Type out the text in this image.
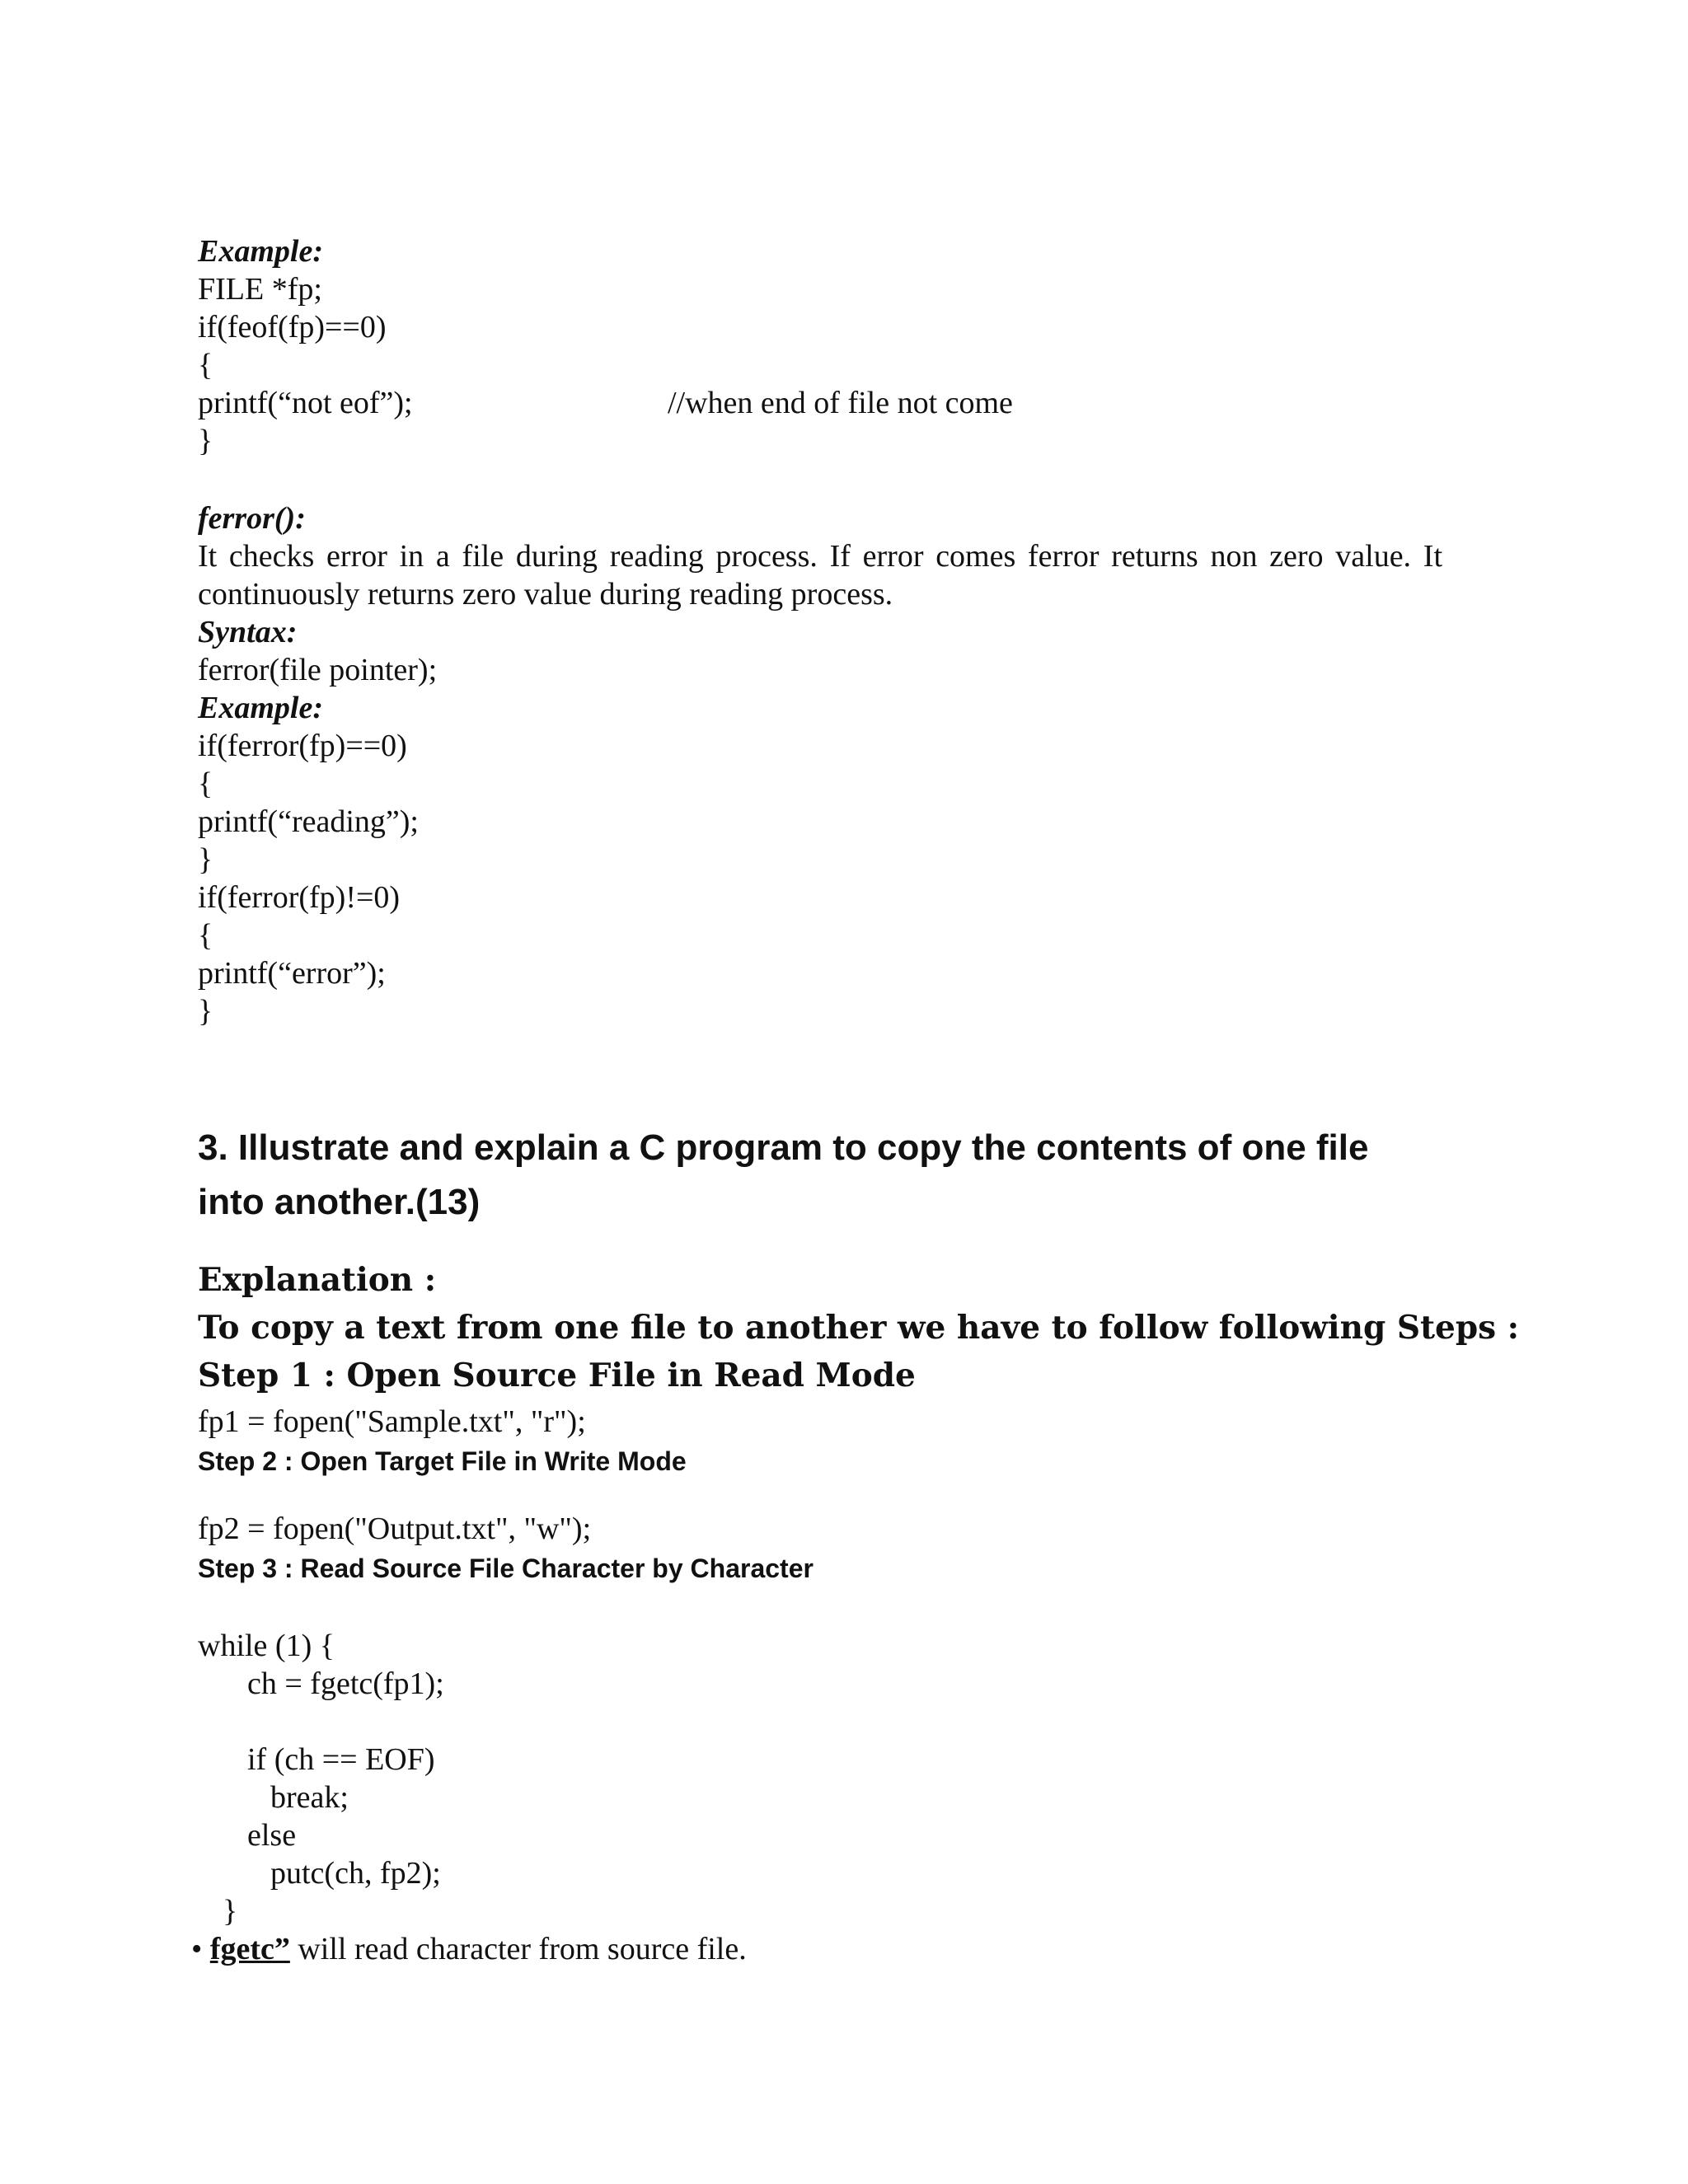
Example:

FILE *fp;

if(feof(fp)==0)

{

printf(“not eof”);	//when end of file not come

}

ferror():

It checks error in a file during reading process. If error comes ferror returns non zero value. It continuously returns zero value during reading process.

Syntax:

ferror(file pointer);

Example:

if(ferror(fp)==0)

{

printf(“reading”);

}

if(ferror(fp)!=0)

{

printf(“error”);

}

3. Illustrate and explain a C program to copy the contents of one file into another.(13)

Explanation :

To copy a text from one file to another we have to follow following Steps :

Step 1 : Open Source File in Read Mode

fp1 = fopen("Sample.txt", "r");

Step 2 : Open Target File in Write Mode

fp2 = fopen("Output.txt", "w");

Step 3 : Read Source File Character by Character

while (1) {

ch = fgetc(fp1);

if (ch == EOF)

break;

else

putc(ch, fp2);

}

• fgetc” will read character from source file.
